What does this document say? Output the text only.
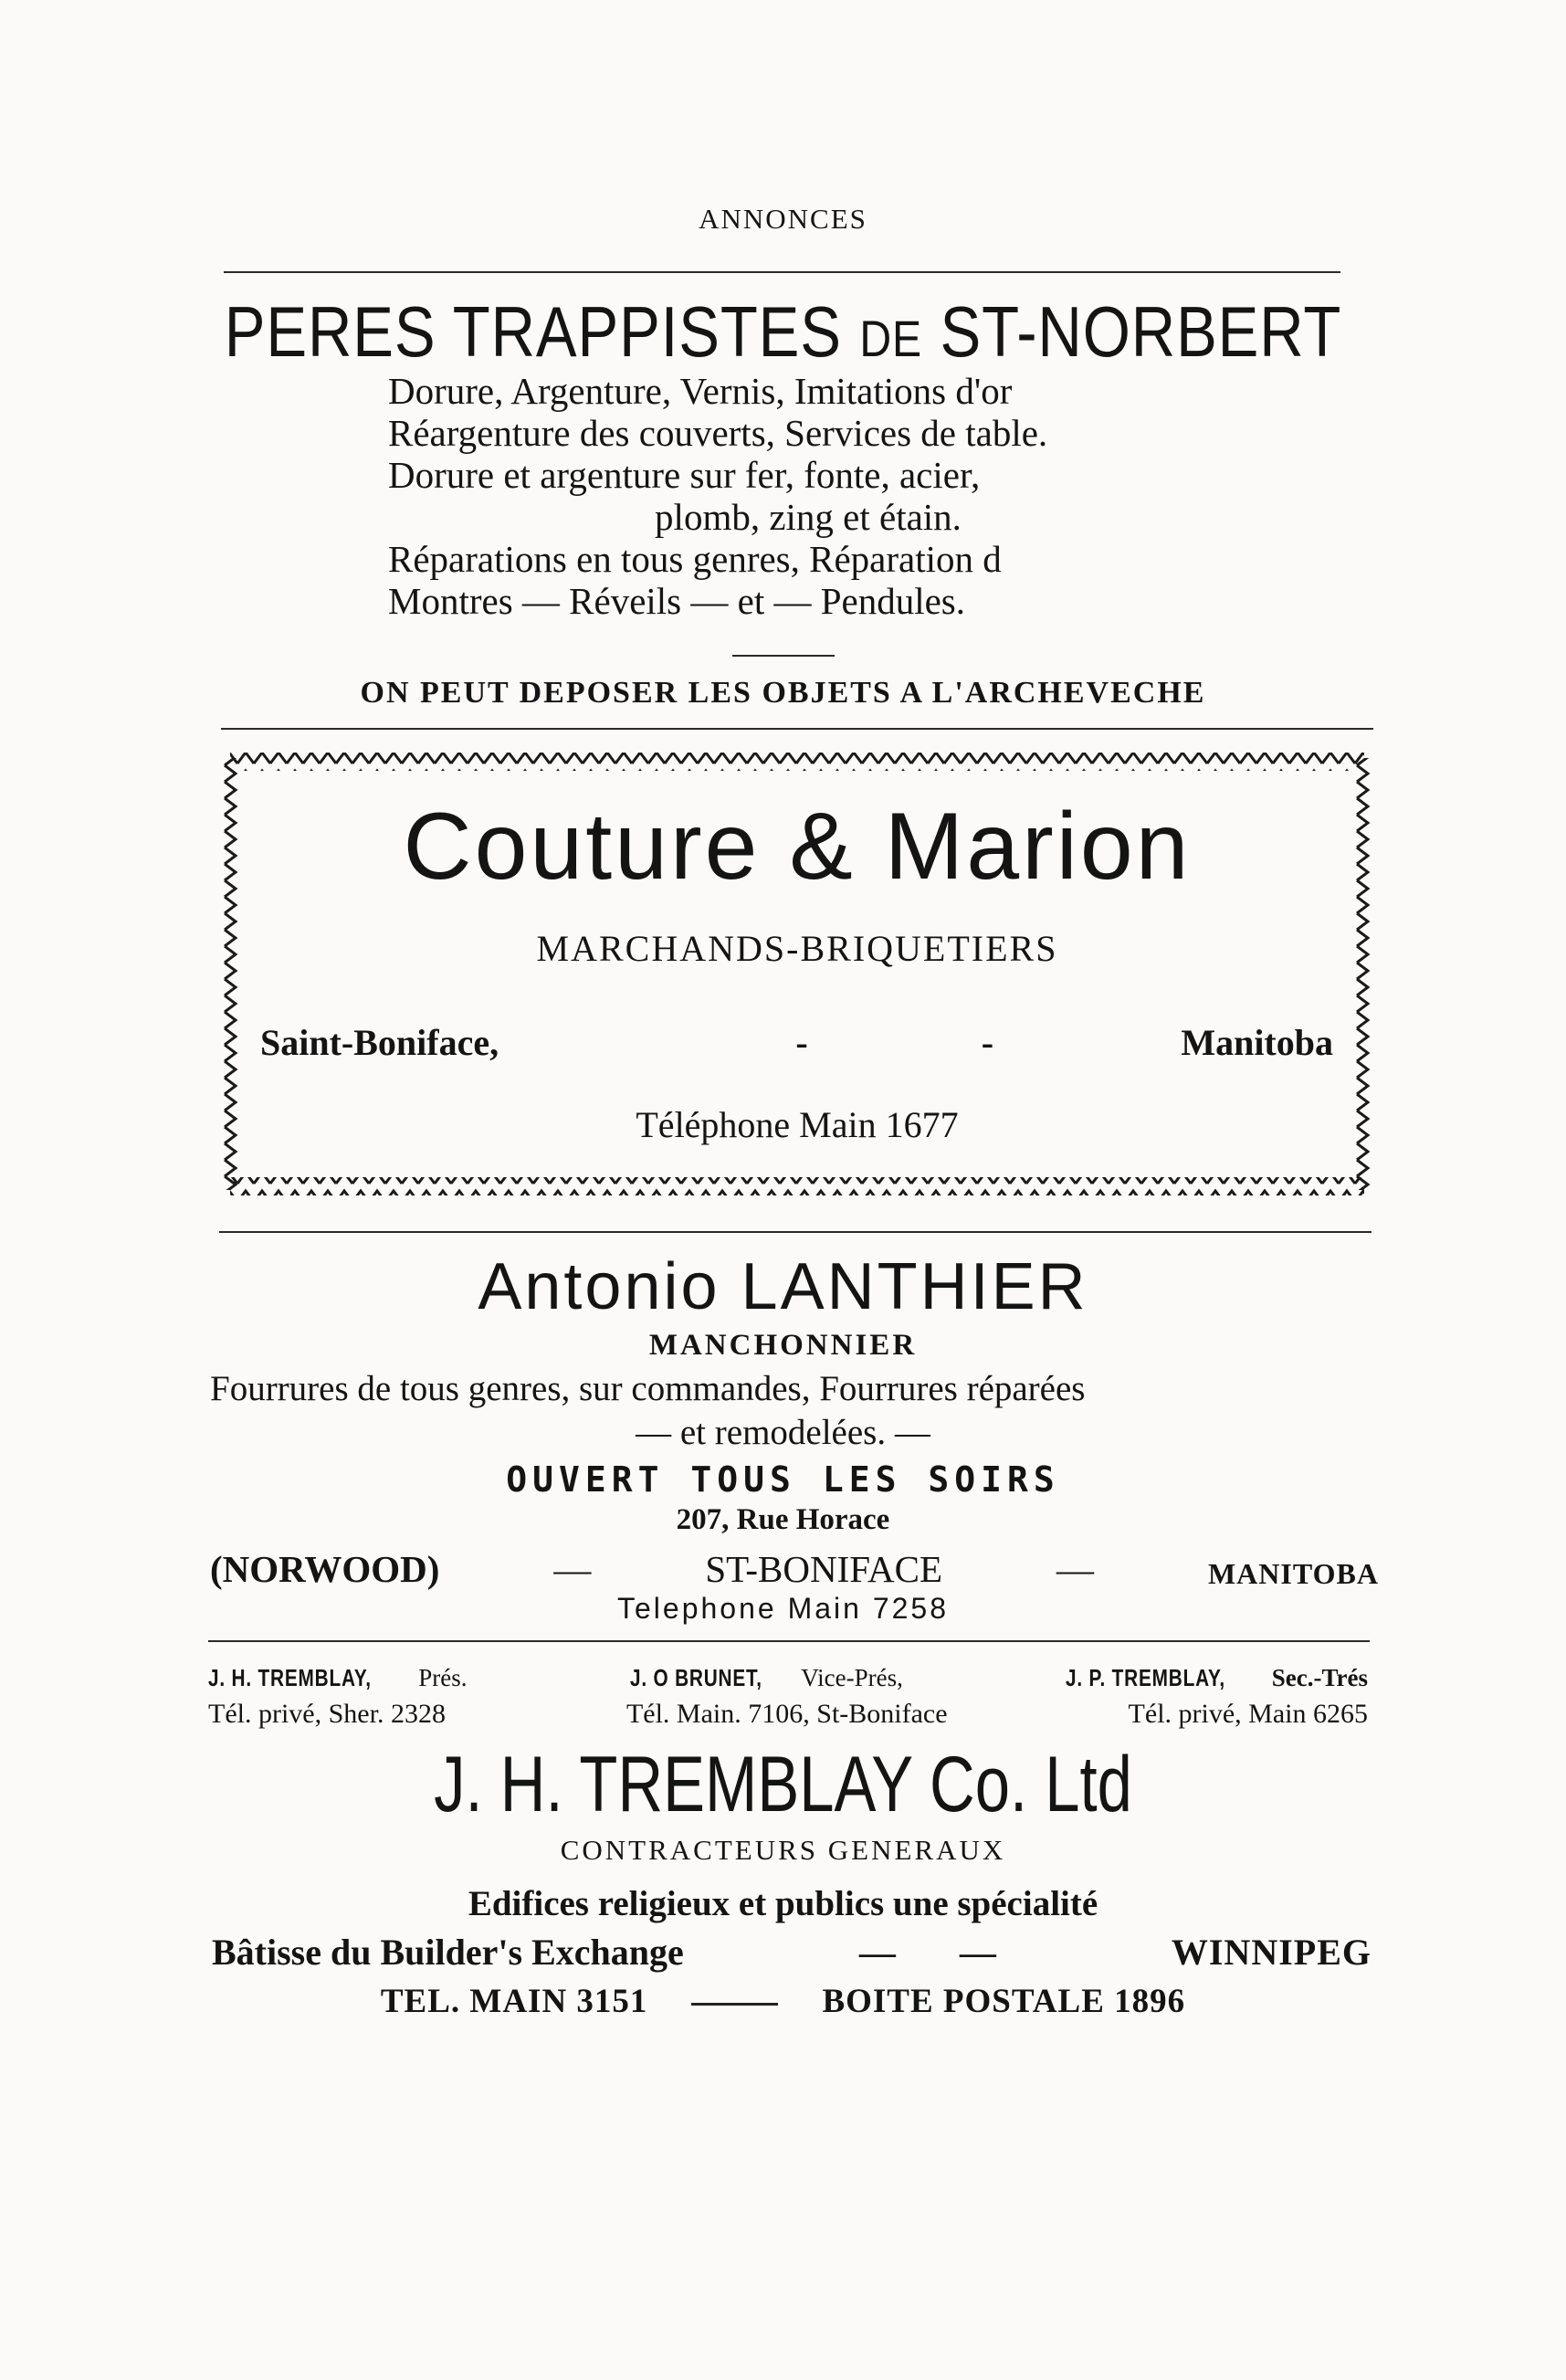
ANNONCES
PERES TRAPPISTES DE ST-NORBERT
Dorure, Argenture, Vernis, Imitations d'or
Réargenture des couverts, Services de table.
Dorure et argenture sur fer, fonte, acier,
plomb, zing et étain.
Réparations en tous genres, Réparation d
Montres — Réveils — et — Pendules.
ON PEUT DEPOSER LES OBJETS A L'ARCHEVECHE
Couture & Marion
MARCHANDS-BRIQUETIERS
Saint-Boniface,	-	-	Manitoba
Téléphone Main 1677
Antonio LANTHIER
MANCHONNIER
Fourrures de tous genres, sur commandes, Fourrures réparées
— et remodelées. —
OUVERT TOUS LES SOIRS
207, Rue Horace
(NORWOOD)	—	ST-BONIFACE	—	MANITOBA
Telephone Main 7258
J. H. TREMBLAY, Prés.	J. O BRUNET, Vice-Prés,	J. P. TREMBLAY, Sec.-Trés
Tél. privé, Sher. 2328	Tél. Main. 7106, St-Boniface	Tél. privé, Main 6265
J. H. TREMBLAY Co. Ltd
CONTRACTEURS GENERAUX
Edifices religieux et publics une spécialité
Bâtisse du Builder's Exchange	— —	WINNIPEG
TEL. MAIN 3151	BOITE POSTALE 1896
